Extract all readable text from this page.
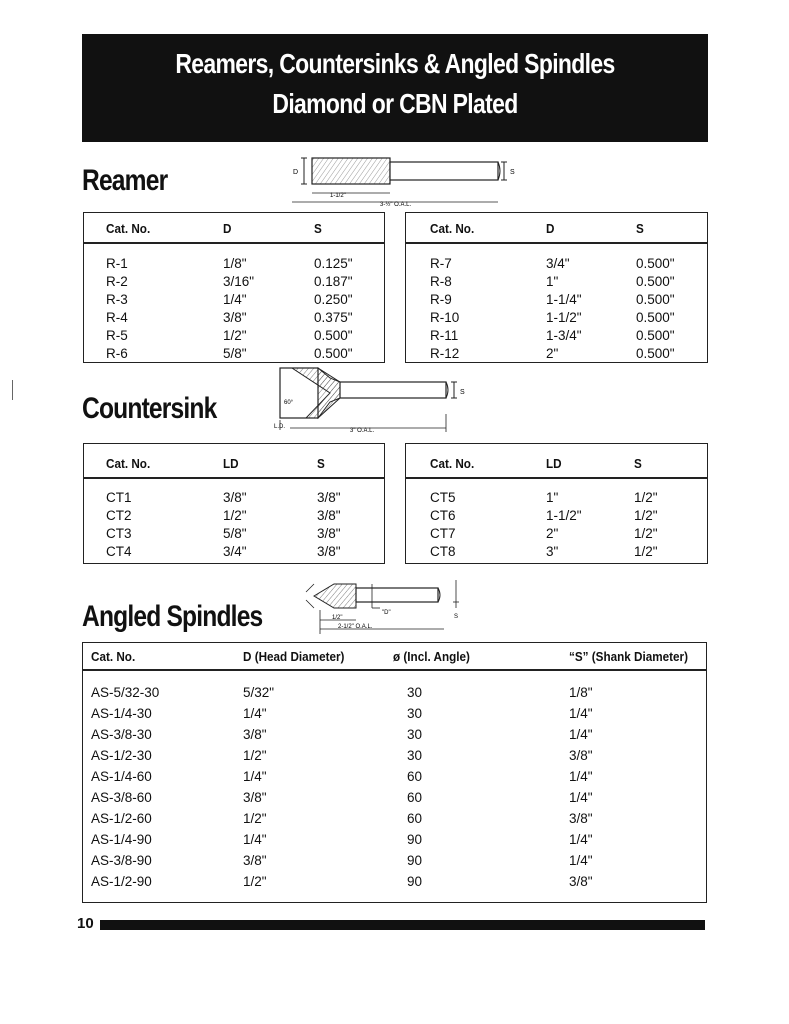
Reamers, Countersinks & Angled Spindles
Diamond or CBN Plated
Reamer	D	S
1-1/2"
3-½" O.A.L.
Cat. No.	D	S
R-1	1/8"	0.125"
R-2	3/16"	0.187"
R-3	1/4"	0.250"
R-4	3/8"	0.375"
R-5	1/2"	0.500"
R-6	5/8"	0.500"
Cat. No.	D	S
R-7	3/4"	0.500"
R-8	1"	0.500"
R-9	1-1/4"	0.500"
R-10	1-1/2"	0.500"
R-11	1-3/4"	0.500"
R-12	2"	0.500"
Countersink	S
60°
L.D.
3" O.A.L.
Cat. No.	LD	S
CT1	3/8"	3/8"
CT2	1/2"	3/8"
CT3	5/8"	3/8"
CT4	3/4"	3/8"
Cat. No.	LD	S
CT5	1"	1/2"
CT6	1-1/2"	1/2"
CT7	2"	1/2"
CT8	3"	1/2"
Angled Spindles	"D"
S
1/2"
2-1/2" O.A.L.
Cat. No.	D (Head Diameter)	ø (Incl. Angle)	“S” (Shank Diameter)
AS-5/32-30	5/32"	30	1/8"
AS-1/4-30	1/4"	30	1/4"
AS-3/8-30	3/8"	30	1/4"
AS-1/2-30	1/2"	30	3/8"
AS-1/4-60	1/4"	60	1/4"
AS-3/8-60	3/8"	60	1/4"
AS-1/2-60	1/2"	60	3/8"
AS-1/4-90	1/4"	90	1/4"
AS-3/8-90	3/8"	90	1/4"
AS-1/2-90	1/2"	90	3/8"
10
